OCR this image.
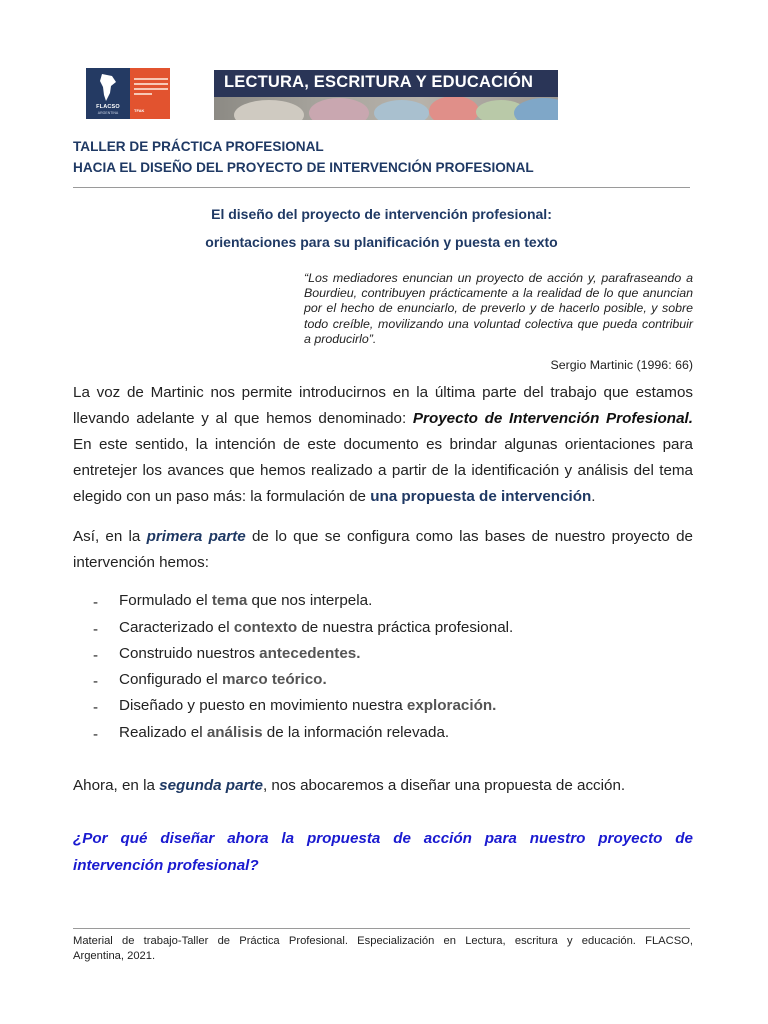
FLACSO
ARGENTINA	TFAK
LECTURA, ESCRITURA Y EDUCACIÓN
TALLER DE PRÁCTICA PROFESIONAL
HACIA EL DISEÑO DEL PROYECTO DE INTERVENCIÓN PROFESIONAL
El diseño del proyecto de intervención profesional:
orientaciones para su planificación y puesta en texto
“Los mediadores enuncian un proyecto de acción y, parafraseando a Bourdieu, contribuyen prácticamente a la realidad de lo que anuncian por el hecho de enunciarlo, de preverlo y de hacerlo posible, y sobre todo creíble, movilizando una voluntad colectiva que pueda contribuir a producirlo”.
Sergio Martinic (1996: 66)
La voz de Martinic nos permite introducirnos en la última parte del trabajo que estamos
llevando adelante y al que hemos denominado: Proyecto de Intervención Profesional.
En este sentido, la intención de este documento es brindar algunas orientaciones para
entretejer los avances que hemos realizado a partir de la identificación y análisis del tema
elegido con un paso más: la formulación de una propuesta de intervención.
Así, en la primera parte de lo que se configura como las bases de nuestro proyecto de
intervención hemos:
- Formulado el tema que nos interpela.
- Caracterizado el contexto de nuestra práctica profesional.
- Construido nuestros antecedentes.
- Configurado el marco teórico.
- Diseñado y puesto en movimiento nuestra exploración.
- Realizado el análisis de la información relevada.
Ahora, en la segunda parte, nos abocaremos a diseñar una propuesta de acción.
¿Por qué diseñar ahora la propuesta de acción para nuestro proyecto de
intervención profesional?
Material de trabajo-Taller de Práctica Profesional. Especialización en Lectura, escritura y educación. FLACSO,
Argentina, 2021.
